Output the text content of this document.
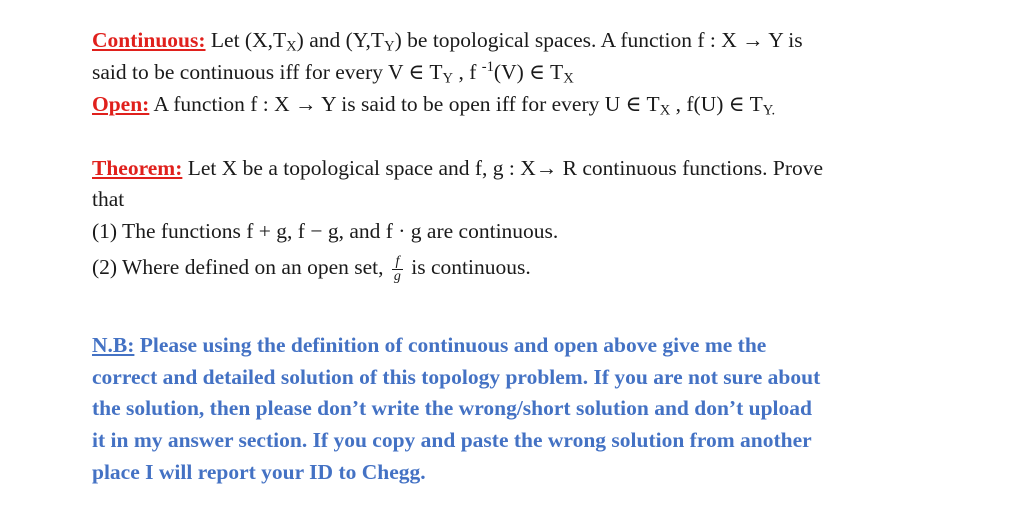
Continuous: Let $(X,T_X)$ and $(Y,T_Y)$ be topological spaces. A function f : X → Y is
said to be continuous iff for every V ∈ $T_Y$ , f $^{-1}$(V) ∈ $T_X$
Open: A function f : X → Y is said to be open iff for every U ∈ $T_X$ , f(U) ∈ $T_{Y.}$
Theorem: Let X be a topological space and f, g : X→ R continuous functions. Prove
that
(1) The functions f + g, f − g, and f · g are continuous.
(2) Where defined on an open set, $\frac{f}{g}$ is continuous.
N.B: Please using the definition of continuous and open above give me the
correct and detailed solution of this topology problem. If you are not sure about
the solution, then please don’t write the wrong/short solution and don’t upload
it in my answer section. If you copy and paste the wrong solution from another
place I will report your ID to Chegg.
